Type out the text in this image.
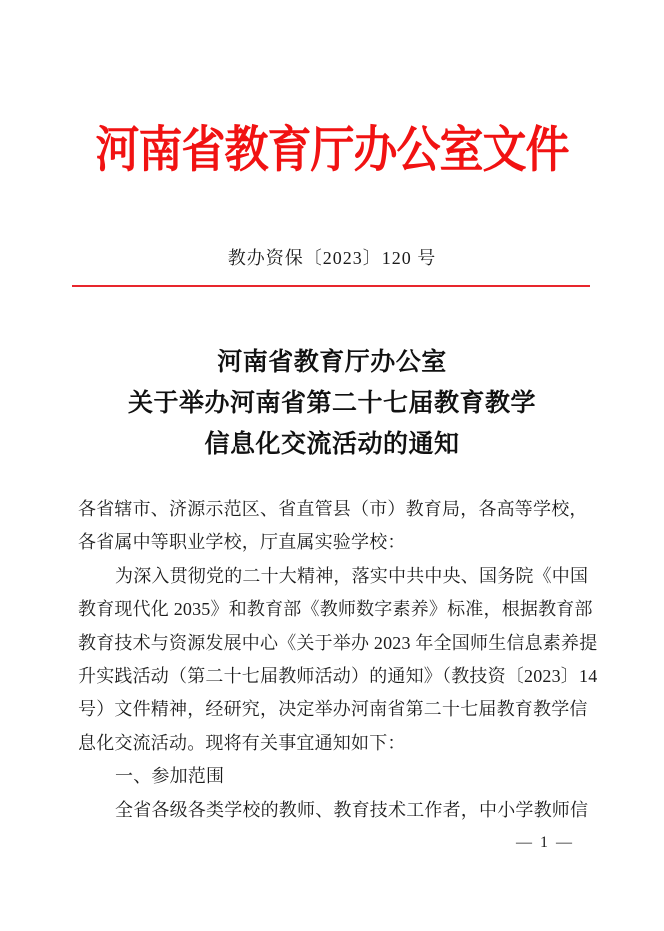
河南省教育厅办公室文件
教办资保〔2023〕120 号
河南省教育厅办公室
关于举办河南省第二十七届教育教学
信息化交流活动的通知
各省辖市、济源示范区、省直管县（市）教育局，各高等学校，
各省属中等职业学校，厅直属实验学校：
为深入贯彻党的二十大精神，落实中共中央、国务院《中国
教育现代化 2035》和教育部《教师数字素养》标准，根据教育部
教育技术与资源发展中心《关于举办 2023 年全国师生信息素养提
升实践活动（第二十七届教师活动）的通知》（教技资〔2023〕14
号）文件精神，经研究，决定举办河南省第二十七届教育教学信
息化交流活动。现将有关事宜通知如下：
一、参加范围
全省各级各类学校的教师、教育技术工作者，中小学教师信
— 1 —
